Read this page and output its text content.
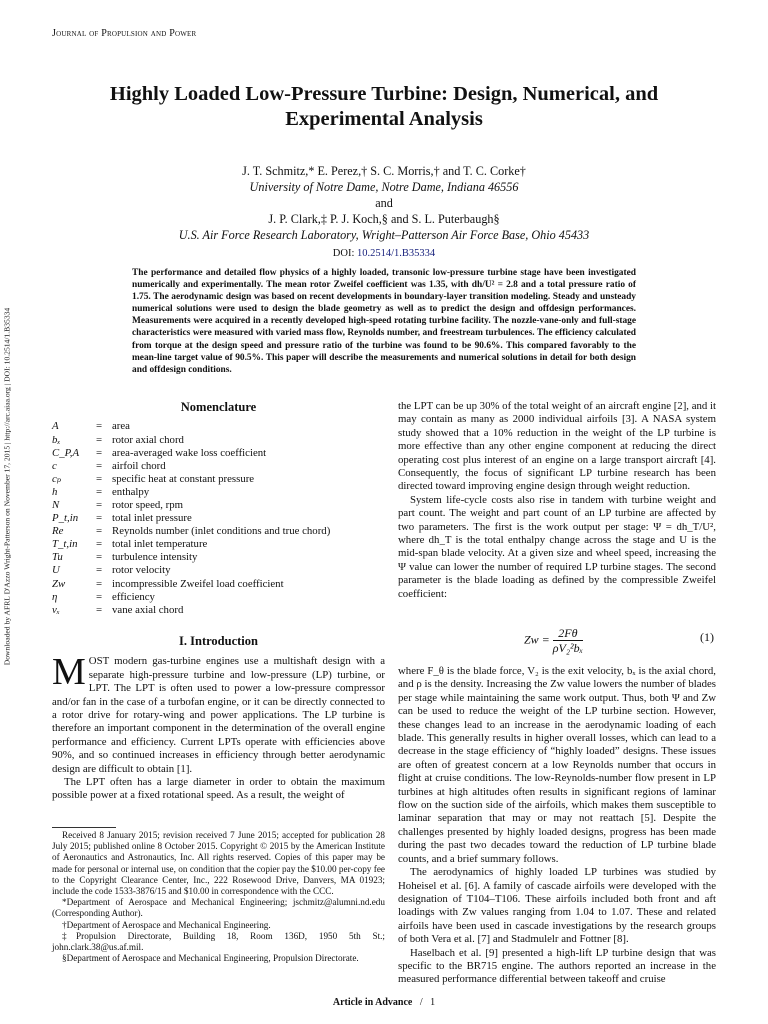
Journal of Propulsion and Power
Downloaded by AFRL D'Azzo Wright-Patterson on November 17, 2015 | http://arc.aiaa.org | DOI: 10.2514/1.B35334
Highly Loaded Low-Pressure Turbine: Design, Numerical, and Experimental Analysis
J. T. Schmitz,* E. Perez,† S. C. Morris,† and T. C. Corke†
University of Notre Dame, Notre Dame, Indiana 46556
and
J. P. Clark,‡ P. J. Koch,§ and S. L. Puterbaugh§
U.S. Air Force Research Laboratory, Wright–Patterson Air Force Base, Ohio 45433
DOI: 10.2514/1.B35334
The performance and detailed flow physics of a highly loaded, transonic low-pressure turbine stage have been investigated numerically and experimentally. The mean rotor Zweifel coefficient was 1.35, with dh/U² = 2.8 and a total pressure ratio of 1.75. The aerodynamic design was based on recent developments in boundary-layer transition modeling. Steady and unsteady numerical solutions were used to design the blade geometry as well as to predict the design and offdesign performances. Measurements were acquired in a recently developed high-speed rotating turbine facility. The nozzle-vane-only and full-stage characteristics were measured with varied mass flow, Reynolds number, and freestream turbulences. The efficiency calculated from torque at the design speed and pressure ratio of the turbine was found to be 90.6%. This compared favorably to the mean-line target value of 90.5%. This paper will describe the measurements and numerical solutions in detail for both design and offdesign conditions.
Nomenclature
A	=	area
bₓ	=	rotor axial chord
C_P,A	=	area-averaged wake loss coefficient
c	=	airfoil chord
cₚ	=	specific heat at constant pressure
h	=	enthalpy
N	=	rotor speed, rpm
P_t,in	=	total inlet pressure
Re	=	Reynolds number (inlet conditions and true chord)
T_t,in	=	total inlet temperature
Tu	=	turbulence intensity
U	=	rotor velocity
Zw	=	incompressible Zweifel load coefficient
η	=	efficiency
vₓ	=	vane axial chord
I. Introduction

MOST modern gas-turbine engines use a multishaft design with a separate high-pressure turbine and low-pressure (LP) turbine, or LPT. The LPT is often used to power a low-pressure compressor and/or fan in the case of a turbofan engine, or it can be directly connected to a rotor drive for rotary-wing and power applications. The LP turbine is therefore an important component in the determination of the overall engine performance and efficiency. Current LPTs operate with efficiencies above 90%, and so continued increases in efficiency through better aerodynamic design are difficult to obtain [1].

The LPT often has a large diameter in order to obtain the maximum possible power at a fixed rotational speed. As a result, the weight of

Received 8 January 2015; revision received 7 June 2015; accepted for publication 28 July 2015; published online 8 October 2015. Copyright © 2015 by the American Institute of Aeronautics and Astronautics, Inc. All rights reserved. Copies of this paper may be made for personal or internal use, on condition that the copier pay the $10.00 per-copy fee to the Copyright Clearance Center, Inc., 222 Rosewood Drive, Danvers, MA 01923; include the code 1533-3876/15 and $10.00 in correspondence with the CCC.

*Department of Aerospace and Mechanical Engineering; jschmitz@alumni.nd.edu (Corresponding Author).

†Department of Aerospace and Mechanical Engineering.

‡Propulsion Directorate, Building 18, Room 136D, 1950 5th St.; john.clark.38@us.af.mil.

§Department of Aerospace and Mechanical Engineering, Propulsion Directorate.

the LPT can be up 30% of the total weight of an aircraft engine [2], and it may contain as many as 2000 individual airfoils [3]. A NASA system study showed that a 10% reduction in the weight of the LP turbine is more effective than any other engine component at reducing the direct operating cost plus interest of an engine on a large transport aircraft [4]. Consequently, the focus of significant LP turbine research has been directed toward improving engine design through weight reduction.

System life-cycle costs also rise in tandem with turbine weight and part count. The weight and part count of an LP turbine are affected by two parameters. The first is the work output per stage: Ψ = dh_T/U², where dh_T is the total enthalpy change across the stage and U is the mid-span blade velocity. At a given size and wheel speed, increasing the Ψ value can lower the number of required LP turbine stages. The second parameter is the blade loading as defined by the compressible Zweifel coefficient:

$Zw = \frac{2F\theta}{\text{ρV₂²bₓ}}$	(1)

where F_θ is the blade force, V₂ is the exit velocity, bₓ is the axial chord, and ρ is the density. Increasing the Zw value lowers the number of blades per stage while maintaining the same work output. Thus, both Ψ and Zw can be used to reduce the weight of the LP turbine section. However, these changes lead to an increase in the aerodynamic loading of each blade. This generally results in higher overall losses, which can lead to a decrease in the stage efficiency of “highly loaded” designs. These issues are often of greatest concern at a low Reynolds number that occurs in flight at cruise conditions. The low-Reynolds-number flow present in LP turbines at high altitudes often results in significant regions of laminar flow on the suction side of the airfoils, which makes them susceptible to laminar separation that may or may not reattach [5]. Despite the challenges presented by highly loaded designs, progress has been made during the past two decades toward the reduction of LP turbine blade counts, and a brief summary follows.

The aerodynamics of highly loaded LP turbines was studied by Hoheisel et al. [6]. A family of cascade airfoils were developed with the designation of T104–T106. These airfoils included both front and aft loadings with Zw values ranging from 1.04 to 1.07. These and related airfoils have been used in cascade investigations by the research groups of both Vera et al. [7] and Stadmulelr and Fottner [8].

Haselbach et al. [9] presented a high-lift LP turbine design that was specific to the BR715 engine. The authors reported an increase in the measured performance differential between takeoff and cruise

Article in Advance / 1
